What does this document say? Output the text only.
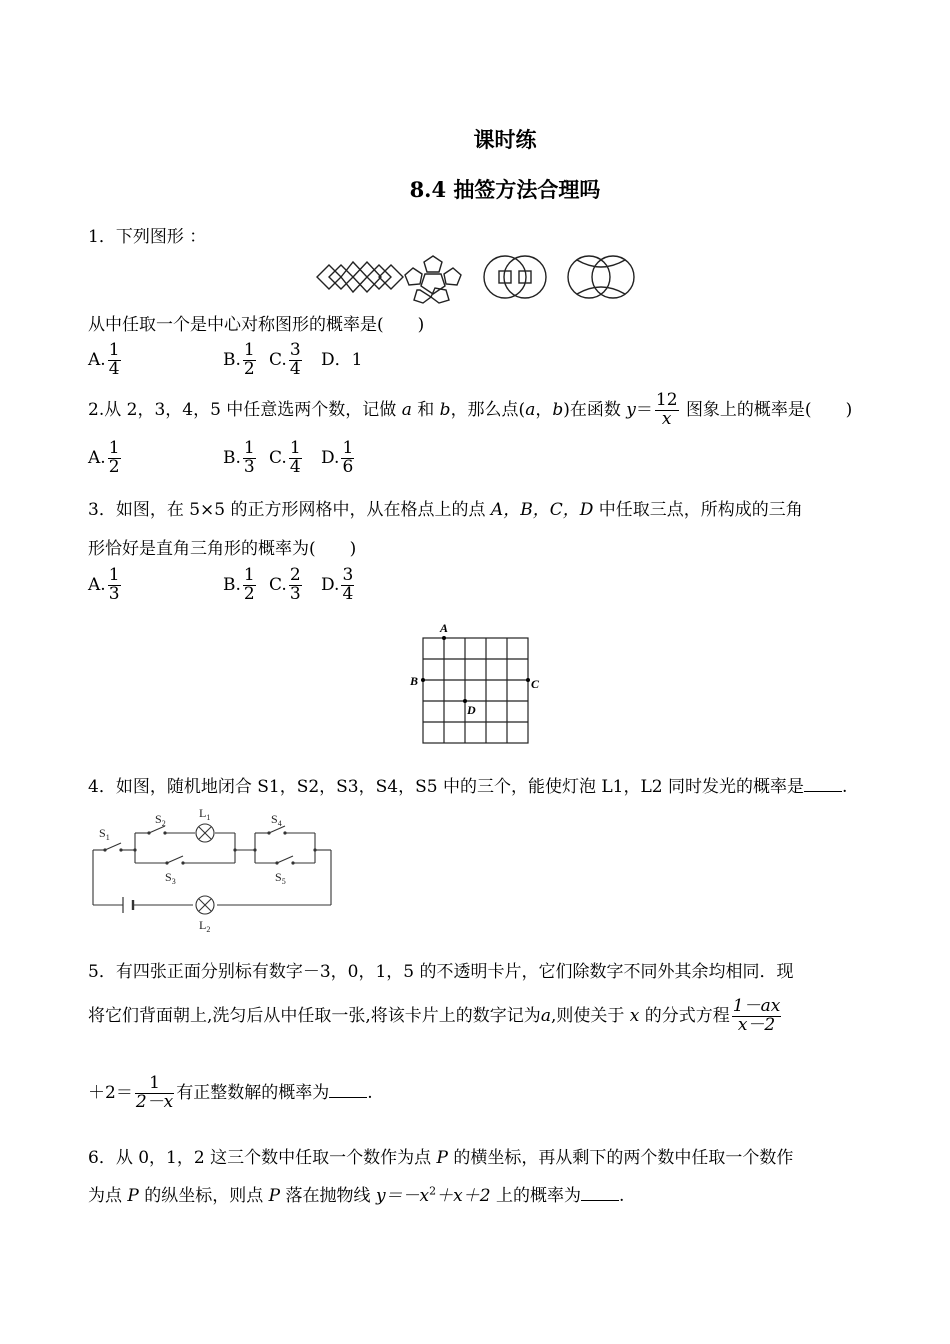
课时练
8.4 抽签方法合理吗
1．下列图形 ：
从中任取一个是中心对称图形的概率是(　　)
A. $\frac{1}{4}$	B. $\frac{1}{2} C$. $\frac{3}{4}$ D．1
2.从 2，3，4，5 中任意选两个数，记做 a 和 b，那么点(a，b)在函数 $y= \frac{12}{x}$ 图象上的概率是(　　)
A. $\frac{1}{2}$	B. $\frac{1}{3} C$. $\frac{1}{4} D$. $\frac{1}{6}$
3．如图，在 5×5 的正方形网格中，从在格点上的点 A，B，C，D 中任取三点，所构成的三角
形恰好是直角三角形的概率为(　　)
A. $\frac{1}{3}$	B. $\frac{1}{2} C$. $\frac{2}{3} D$. $\frac{3}{4}$
A
B	C
D
4．如图，随机地闭合 S1，S2，S3，S4，S5 中的三个，能使灯泡 L1，L2 同时发光的概率是 .
$S_1$
$S_2$
$S_3$
$S_4$
$S_5$
$L_1$
$L_2$
5．有四张正面分别标有数字－3，0，1，5 的不透明卡片，它们除数字不同外其余均相同．现
将它们背面朝上,洗匀后从中任取一张,将该卡片上的数字记为a,则使关于 x 的分式方程 $\frac{1-ax}{x-2}$
$+2= \frac{1}{2-x}$ 有正整数解的概率为 .
6．从 0，1，2 这三个数中任取一个数作为点 P 的横坐标，再从剩下的两个数中任取一个数作
为点 P 的纵坐标，则点 P 落在抛物线 $y=-x^2+x+2$ 上的概率为 .
